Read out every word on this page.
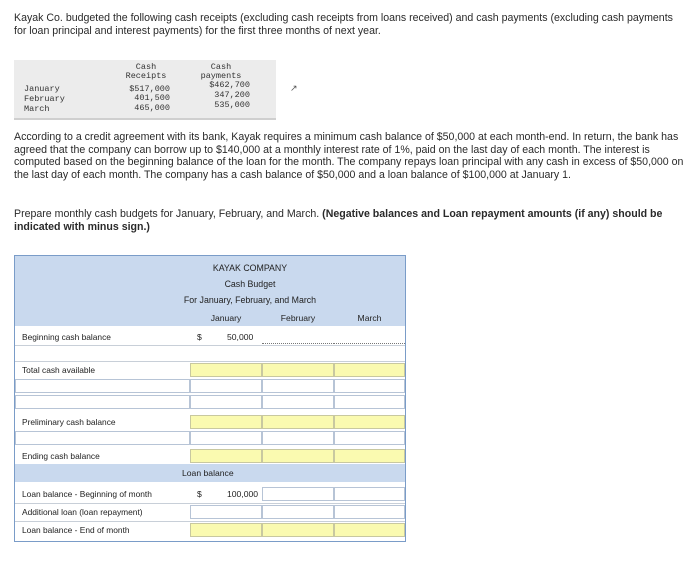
Kayak Co. budgeted the following cash receipts (excluding cash receipts from loans received) and cash payments (excluding cash payments for loan principal and interest payments) for the first three months of next year.
Cash
Receipts
Cash
payments
January	$517,000	$462,700
February	401,500	347,200
March	465,000	535,000
↗
According to a credit agreement with its bank, Kayak requires a minimum cash balance of $50,000 at each month-end. In return, the bank has agreed that the company can borrow up to $140,000 at a monthly interest rate of 1%, paid on the last day of each month. The interest is computed based on the beginning balance of the loan for the month. The company repays loan principal with any cash in excess of $50,000 on the last day of each month. The company has a cash balance of $50,000 and a loan balance of $100,000 at January 1.
Prepare monthly cash budgets for January, February, and March. (Negative balances and Loan repayment amounts (if any) should be indicated with minus sign.)
KAYAK COMPANY
Cash Budget
For January, February, and March
January	February	March
Beginning cash balance	$	50,000
Total cash available
Preliminary cash balance
Ending cash balance
Loan balance
Loan balance - Beginning of month	$	100,000
Additional loan (loan repayment)
Loan balance - End of month
